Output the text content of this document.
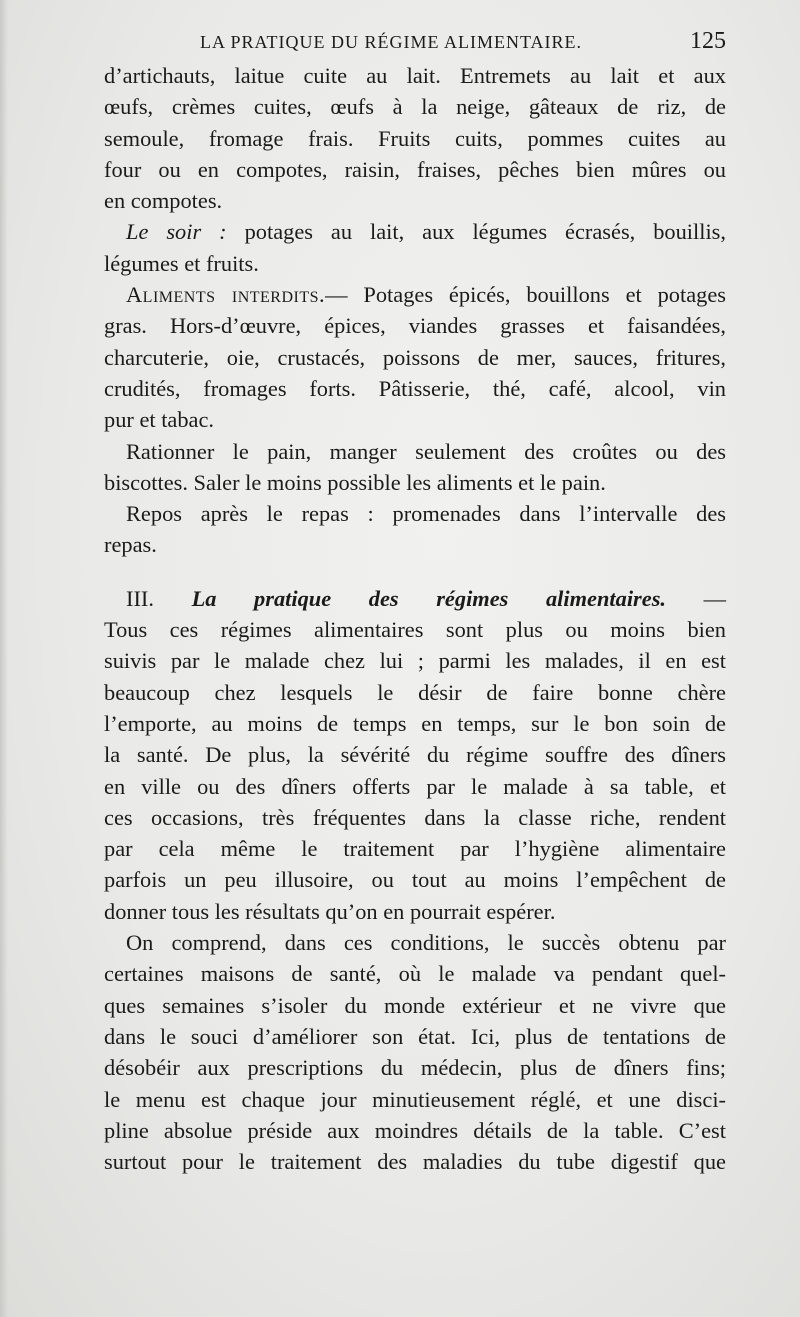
LA PRATIQUE DU RÉGIME ALIMENTAIRE.	125
d’artichauts, laitue cuite au lait. Entremets au lait et aux
œufs, crèmes cuites, œufs à la neige, gâteaux de riz, de
semoule, fromage frais. Fruits cuits, pommes cuites au
four ou en compotes, raisin, fraises, pêches bien mûres ou
en compotes.
Le soir : potages au lait, aux légumes écrasés, bouillis,
légumes et fruits.
Aliments interdits.— Potages épicés, bouillons et potages
gras. Hors-d’œuvre, épices, viandes grasses et faisandées,
charcuterie, oie, crustacés, poissons de mer, sauces, fritures,
crudités, fromages forts. Pâtisserie, thé, café, alcool, vin
pur et tabac.
Rationner le pain, manger seulement des croûtes ou des
biscottes. Saler le moins possible les aliments et le pain.
Repos après le repas : promenades dans l’intervalle des
repas.
III. La pratique des régimes alimentaires. —
Tous ces régimes alimentaires sont plus ou moins bien
suivis par le malade chez lui ; parmi les malades, il en est
beaucoup chez lesquels le désir de faire bonne chère
l’emporte, au moins de temps en temps, sur le bon soin de
la santé. De plus, la sévérité du régime souffre des dîners
en ville ou des dîners offerts par le malade à sa table, et
ces occasions, très fréquentes dans la classe riche, rendent
par cela même le traitement par l’hygiène alimentaire
parfois un peu illusoire, ou tout au moins l’empêchent de
donner tous les résultats qu’on en pourrait espérer.
On comprend, dans ces conditions, le succès obtenu par
certaines maisons de santé, où le malade va pendant quel-
ques semaines s’isoler du monde extérieur et ne vivre que
dans le souci d’améliorer son état. Ici, plus de tentations de
désobéir aux prescriptions du médecin, plus de dîners fins;
le menu est chaque jour minutieusement réglé, et une disci-
pline absolue préside aux moindres détails de la table. C’est
surtout pour le traitement des maladies du tube digestif que
